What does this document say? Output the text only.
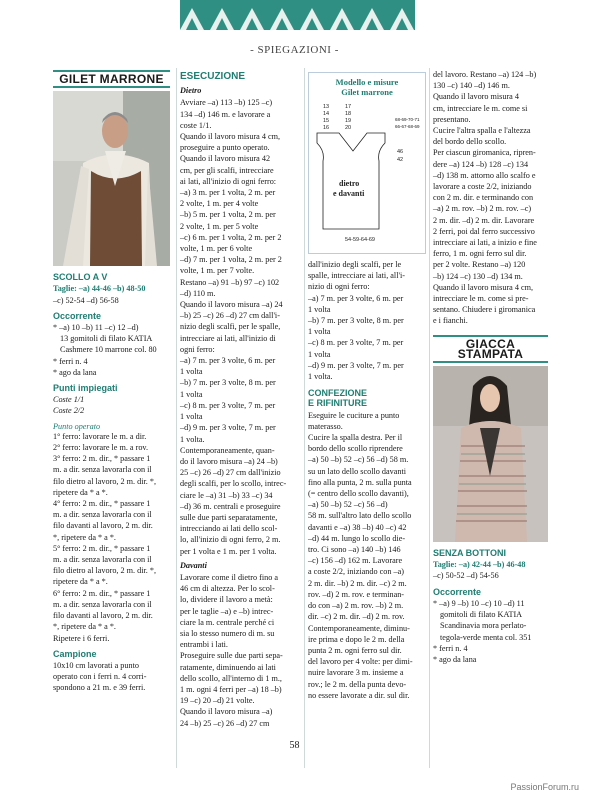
- SPIEGAZIONI -
GILET MARRONE
SCOLLO A V
Taglie: –a) 44-46 –b) 48-50
–c) 52-54 –d) 56-58
Occorrente
* –a) 10 –b) 11 –c) 12 –d)
13 gomitoli di filato KATIA
Cashmere 10 marrone col. 80
* ferri n. 4
* ago da lana
Punti impiegati
Coste 1/1
Coste 2/2
Punto operato
1° ferro: lavorare le m. a dir.
2° ferro: lavorare le m. a rov.
3° ferro: 2 m. dir., * passare 1
m. a dir. senza lavorarla con il
filo dietro al lavoro, 2 m. dir. *,
ripetere da * a *.
4° ferro: 2 m. dir., * passare 1
m. a dir. senza lavorarla con il
filo davanti al lavoro, 2 m. dir.
*, ripetere da * a *.
5° ferro: 2 m. dir., * passare 1
m. a dir. senza lavorarla con il
filo dietro al lavoro, 2 m. dir. *,
ripetere da * a *.
6° ferro: 2 m. dir., * passare 1
m. a dir. senza lavorarla con il
filo davanti al lavoro, 2 m. dir.
*, ripetere da * a *.
Ripetere i 6 ferri.
Campione
10x10 cm lavorati a punto
operato con i ferri n. 4 corri-
spondono a 21 m. e 39 ferri.
ESECUZIONE
Dietro
Avviare –a) 113 –b) 125 –c)
134 –d) 146 m. e lavorare a
coste 1/1.
Quando il lavoro misura 4 cm,
proseguire a punto operato.
Quando il lavoro misura 42
cm, per gli scalfi, intrecciare
ai lati, all'inizio di ogni ferro:
–a) 3 m. per 1 volta, 2 m. per
2 volte, 1 m. per 4 volte
–b) 5 m. per 1 volta, 2 m. per
2 volte, 1 m. per 5 volte
–c) 6 m. per 1 volta, 2 m. per 2
volte, 1 m. per 6 volte
–d) 7 m. per 1 volta, 2 m. per 2
volte, 1 m. per 7 volte.
Restano –a) 91 –b) 97 –c) 102
–d) 110 m.
Quando il lavoro misura –a) 24
–b) 25 –c) 26 –d) 27 cm dall'i-
nizio degli scalfi, per le spalle,
intrecciare ai lati, all'inizio di
ogni ferro:
–a) 7 m. per 3 volte, 6 m. per
1 volta
–b) 7 m. per 3 volte, 8 m. per
1 volta
–c) 8 m. per 3 volte, 7 m. per
1 volta
–d) 9 m. per 3 volte, 7 m. per
1 volta.
Contemporaneamente, quan-
do il lavoro misura –a) 24 –b)
25 –c) 26 –d) 27 cm dall'inizio
degli scalfi, per lo scollo, intrec-
ciare le –a) 31 –b) 33 –c) 34
–d) 36 m. centrali e proseguire
sulle due parti separatamente,
intrecciando ai lati dello scol-
lo, all'inizio di ogni ferro, 2 m.
per 1 volta e 1 m. per 1 volta.
Davanti
Lavorare come il dietro fino a
46 cm di altezza. Per lo scol-
lo, dividere il lavoro a metà:
per le taglie –a) e –b) intrec-
ciare la m. centrale perché ci
sia lo stesso numero di m. su
entrambi i lati.
Proseguire sulle due parti sepa-
ratamente, diminuendo ai lati
dello scollo, all'interno di 1 m.,
1 m. ogni 4 ferri per –a) 18 –b)
19 –c) 20 –d) 21 volte.
Quando il lavoro misura –a)
24 –b) 25 –c) 26 –d) 27 cm
Modello e misure
Gilet marrone
13
14
15
16
17
18
19
20
68-69-70-71
66-67-68-69
46
42
54-59-64-69
dietro e davanti
dall'inizio degli scalfi, per le
spalle, intrecciare ai lati, all'i-
nizio di ogni ferro:
–a) 7 m. per 3 volte, 6 m. per
1 volta
–b) 7 m. per 3 volte, 8 m. per
1 volta
–c) 8 m. per 3 volte, 7 m. per
1 volta
–d) 9 m. per 3 volte, 7 m. per
1 volta.
CONFEZIONE
E RIFINITURE
Eseguire le cuciture a punto
materasso.
Cucire la spalla destra. Per il
bordo dello scollo riprendere
–a) 50 –b) 52 –c) 56 –d) 58 m.
su un lato dello scollo davanti
fino alla punta, 2 m. sulla punta
(= centro dello scollo davanti),
–a) 50 –b) 52 –c) 56 –d)
58 m. sull'altro lato dello scollo
davanti e –a) 38 –b) 40 –c) 42
–d) 44 m. lungo lo scollo die-
tro. Ci sono –a) 140 –b) 146
–c) 156 –d) 162 m. Lavorare
a coste 2/2, iniziando con –a)
2 m. dir. –b) 2 m. dir. –c) 2 m.
rov. –d) 2 m. rov. e terminan-
do con –a) 2 m. rov. –b) 2 m.
dir. –c) 2 m. dir. –d) 2 m. rov.
Contemporaneamente, diminu-
ire prima e dopo le 2 m. della
punta 2 m. ogni ferro sul dir.
del lavoro per 4 volte: per dimi-
nuire lavorare 3 m. insieme a
rov.; le 2 m. della punta devo-
no essere lavorate a dir. sul dir.
del lavoro. Restano –a) 124 –b)
130 –c) 140 –d) 146 m.
Quando il lavoro misura 4
cm, intrecciare le m. come si
presentano.
Cucire l'altra spalla e l'altezza
del bordo dello scollo.
Per ciascun giromanica, ripren-
dere –a) 124 –b) 128 –c) 134
–d) 138 m. attorno allo scalfo e
lavorare a coste 2/2, iniziando
con 2 m. dir. e terminando con
–a) 2 m. rov. –b) 2 m. rov. –c)
2 m. dir. –d) 2 m. dir. Lavorare
2 ferri, poi dal ferro successivo
intrecciare ai lati, a inizio e fine
ferro, 1 m. ogni ferro sul dir.
per 2 volte. Restano –a) 120
–b) 124 –c) 130 –d) 134 m.
Quando il lavoro misura 4 cm,
intrecciare le m. come si pre-
sentano. Chiudere i giromanica
e i fianchi.
GIACCA STAMPATA
SENZA BOTTONI
Taglie: –a) 42-44 –b) 46-48
–c) 50-52 –d) 54-56
Occorrente
* –a) 9 –b) 10 –c) 10 –d) 11
gomitoli di filato KATIA
Scandinavia mora perlato-
tegola-verde menta col. 351
* ferri n. 4
* ago da lana
58
PassionForum.ru
